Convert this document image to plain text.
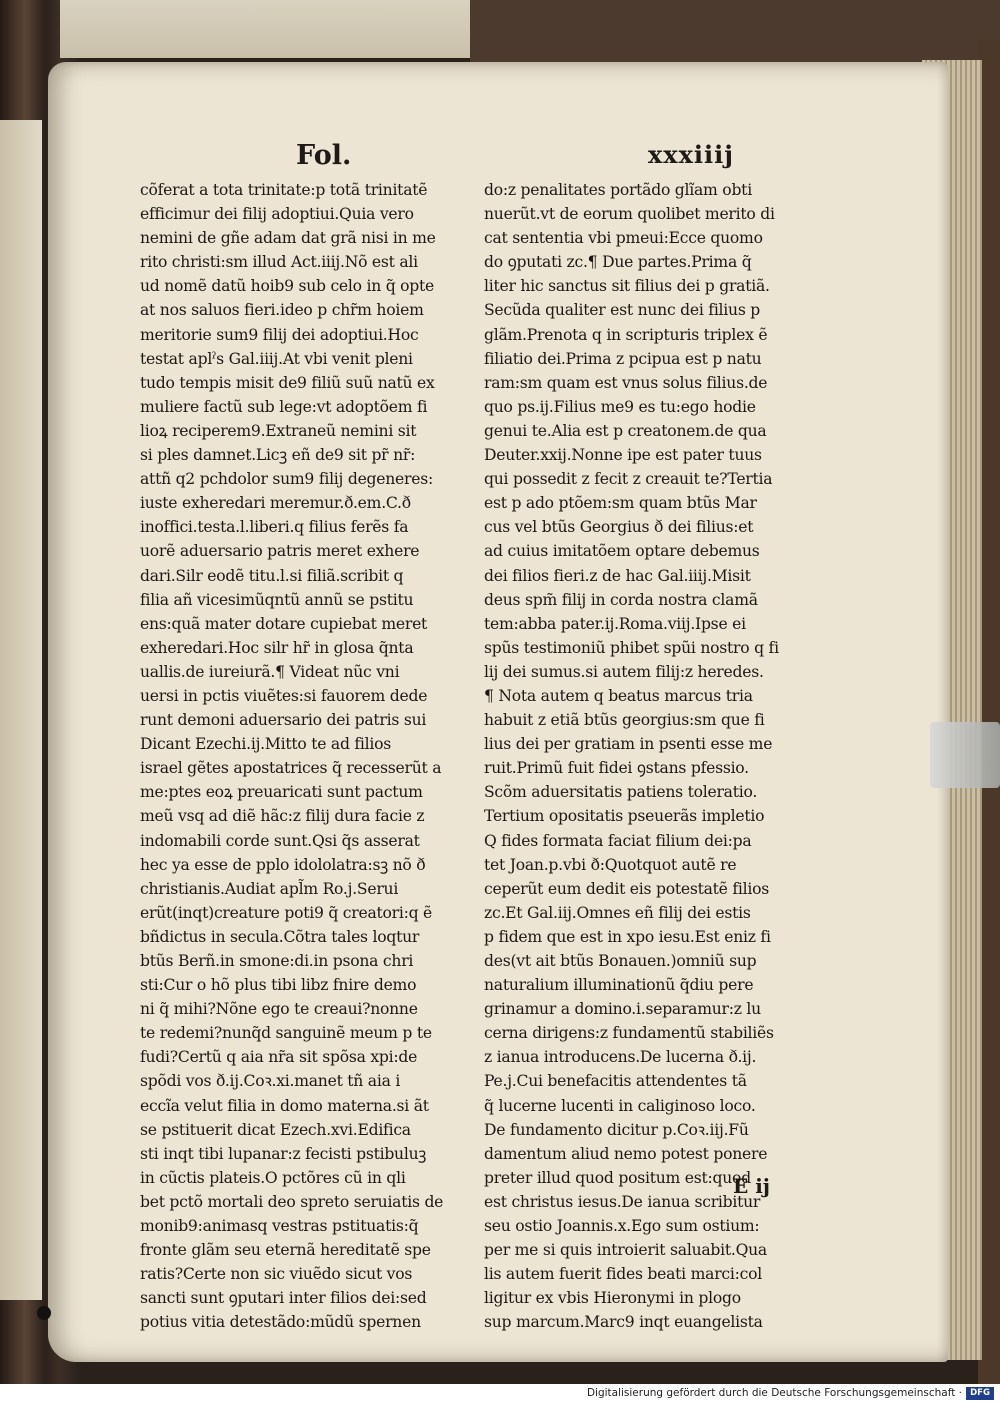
Fol.	xxxiiij
cõferat a tota trinitate:p totã trinitatẽ
efficimur dei filij adoptiui.Quia vero
nemini de gñe adam dat grã nisi in me
rito christi:sm illud Act.iiij.Nõ est ali
ud nomẽ datũ hoib9 sub celo in q̃ opte
at nos saluos fieri.ideo p chr̃m hoiem
meritorie sum9 filij dei adoptiui.Hoc
testat aplˀs Gal.iiij.At vbi venit pleni
tudo tempis misit de9 filiũ suũ natũ ex
muliere factũ sub lege:vt adoptõem fi
lioꝝ reciperem9.Extraneũ nemini sit
si ples damnet.Licꝫ eñ de9 sit pr̃ nr̃:
attñ q2 pchdolor sum9 filij degeneres:
iuste exheredari meremur.ð.em.C.ð
inoffici.testa.l.liberi.q filius ferẽs fa
uorẽ aduersario patris meret exhere
dari.Silr eodẽ titu.l.si filiã.scribit q
filia añ vicesimũqntũ annũ se pstitu
ens:quã mater dotare cupiebat meret
exheredari.Hoc silr hr̃ in glosa q̃nta
uallis.de iureiurã.¶ Videat nũc vni
uersi in pctis viuẽtes:si fauorem dede
runt demoni aduersario dei patris sui
Dicant Ezechi.ij.Mitto te ad filios
israel gẽtes apostatrices q̃ recesserũt a
me:ptes eoꝝ preuaricati sunt pactum
meũ vsq ad diẽ hãc:z filij dura facie z
indomabili corde sunt.Qsi q̃s asserat
hec ya esse de pplo idololatra:sꝫ nõ ð
christianis.Audiat apl̃m Ro.j.Serui
erũt(inqt)creature poti9 q̃ creatori:q ẽ
bñdictus in secula.Cõtra tales loqtur
btũs Berñ.in smone:di.in psona chri
sti:Cur o hõ plus tibi libz fnire demo
ni q̃ mihi?Nõne ego te creaui?nonne
te redemi?nunq̃d sanguinẽ meum p te
fudi?Certũ q aia nr̃a sit spõsa xpi:de
spõdi vos ð.ij.Coꝛ.xi.manet tñ aia i
eccĩa velut filia in domo materna.si ãt
se pstituerit dicat Ezech.xvi.Edifica
sti inqt tibi lupanar:z fecisti pstibuluꝫ
in cũctis plateis.O pctõres cũ in qli
bet pctõ mortali deo spreto seruiatis de
monib9:animasq vestras pstituatis:q̃
fronte glãm seu eternã hereditatẽ spe
ratis?Certe non sic viuẽdo sicut vos
sancti sunt ꝯputari inter filios dei:sed
potius vitia detestãdo:mũdũ spernen
do:z penalitates portãdo glĩam obti
nuerũt.vt de eorum quolibet merito di
cat sententia vbi pmeui:Ecce quomo
do ꝯputati zc.¶ Due partes.Prima q̃
liter hic sanctus sit filius dei p gratiã.
Secũda qualiter est nunc dei filius p
glãm.Prenota q in scripturis triplex ẽ
filiatio dei.Prima z pcipua est p natu
ram:sm quam est vnus solus filius.de
quo ps.ij.Filius me9 es tu:ego hodie
genui te.Alia est p creatonem.de qua
Deuter.xxij.Nonne ipe est pater tuus
qui possedit z fecit z creauit te?Tertia
est p ado ptõem:sm quam btũs Mar
cus vel btũs Georgius ð dei filius:et
ad cuius imitatõem optare debemus
dei filios fieri.z de hac Gal.iiij.Misit
deus spm̃ filij in corda nostra clamã
tem:abba pater.ij.Roma.viij.Ipse ei
spũs testimoniũ phibet spũi nostro q fi
lij dei sumus.si autem filij:z heredes.
¶ Nota autem q beatus marcus tria
habuit z etiã btũs georgius:sm que fi
lius dei per gratiam in psenti esse me
ruit.Primũ fuit fidei ꝯstans pfessio.
Scõm aduersitatis patiens toleratio.
Tertium opositatis pseuerãs impletio
Q fides formata faciat filium dei:pa
tet Joan.p.vbi ð:Quotquot autẽ re
ceperũt eum dedit eis potestatẽ filios
zc.Et Gal.iij.Omnes eñ filij dei estis
p fidem que est in xpo iesu.Est eniz fi
des(vt ait btũs Bonauen.)omniũ sup
naturalium illuminationũ q̃diu pere
grinamur a domino.i.separamur:z lu
cerna dirigens:z fundamentũ stabiliẽs
z ianua introducens.De lucerna ð.ij.
Pe.j.Cui benefacitis attendentes tã
q̃ lucerne lucenti in caliginoso loco.
De fundamento dicitur p.Coꝛ.iij.Fũ
damentum aliud nemo potest ponere
preter illud quod positum est:quod
est christus iesus.De ianua scribitur
seu ostio Joannis.x.Ego sum ostium:
per me si quis introierit saluabit.Qua
lis autem fuerit fides beati marci:col
ligitur ex vbis Hieronymi in plogo
sup marcum.Marc9 inqt euangelista
E ij
Digitalisierung gefördert durch die Deutsche Forschungsgemeinschaft · DFG
